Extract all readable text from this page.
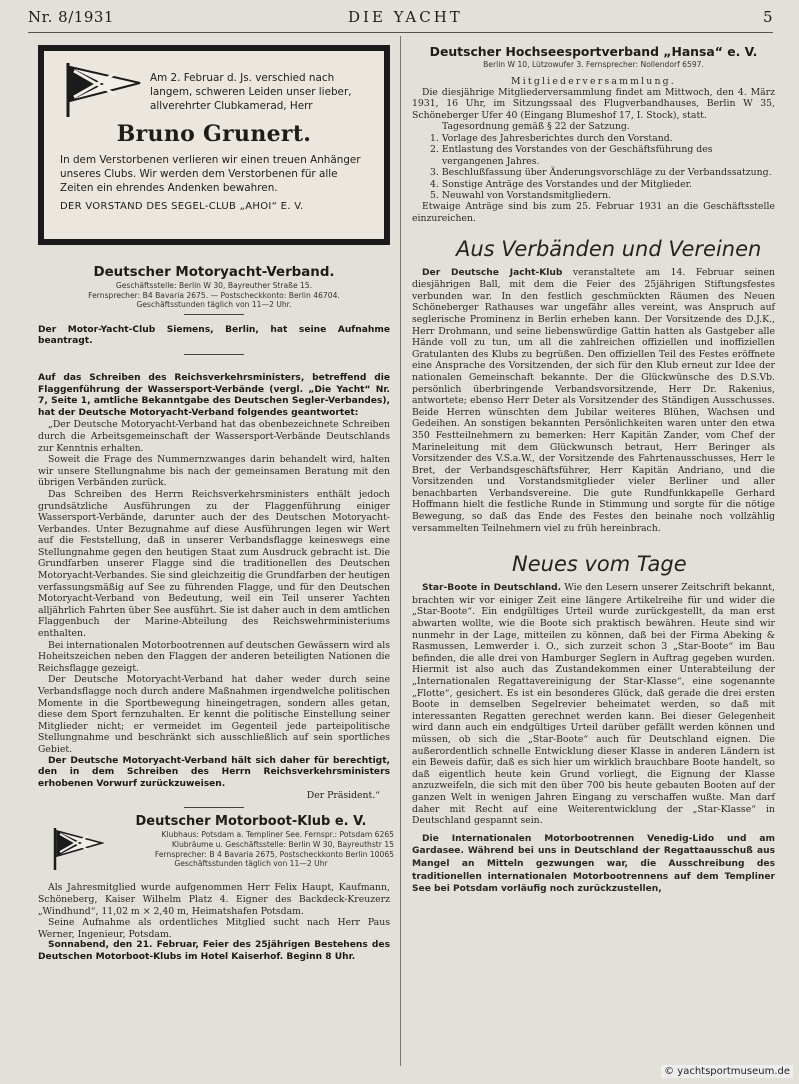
Nr. 8/1931	DIE YACHT	5
Am 2. Februar d. Js. verschied nach langem, schweren Leiden unser lieber, allverehrter Clubkamerad, Herr
Bruno Grunert.
In dem Verstorbenen verlieren wir einen treuen Anhänger unseres Clubs. Wir werden dem Verstorbenen für alle Zeiten ein ehrendes Andenken bewahren.
DER VORSTAND DES SEGEL-CLUB „AHOI“ E. V.
Deutscher Motoryacht-Verband.
Geschäftsstelle: Berlin W 30, Bayreuther Straße 15.
Fernsprecher: B4 Bavaria 2675. — Postscheckkonto: Berlin 46704.
Geschäftsstunden täglich von 11—2 Uhr.

Der Motor-Yacht-Club Siemens, Berlin, hat seine Aufnahme beantragt.

Auf das Schreiben des Reichsverkehrsministers, betreffend die Flaggenführung der Wassersport-Verbände (vergl. „Die Yacht“ Nr. 7, Seite 1, amtliche Bekanntgabe des Deutschen Segler-Verbandes), hat der Deutsche Motoryacht-Verband folgendes geantwortet:

„Der Deutsche Motoryacht-Verband hat das obenbezeichnete Schreiben durch die Arbeitsgemeinschaft der Wassersport-Verbände Deutschlands zur Kenntnis erhalten.

Soweit die Frage des Nummernzwanges darin behandelt wird, halten wir unsere Stellungnahme bis nach der gemeinsamen Beratung mit den übrigen Verbänden zurück.

Das Schreiben des Herrn Reichsverkehrsministers enthält jedoch grundsätzliche Ausführungen zu der Flaggenführung einiger Wassersport-Verbände, darunter auch der des Deutschen Motoryacht-Verbandes. Unter Bezugnahme auf diese Ausführungen legen wir Wert auf die Feststellung, daß in unserer Verbandsflagge keineswegs eine Stellungnahme gegen den heutigen Staat zum Ausdruck gebracht ist. Die Grundfarben unserer Flagge sind die traditionellen des Deutschen Motoryacht-Verbandes. Sie sind gleichzeitig die Grundfarben der heutigen verfassungsmäßig auf See zu führenden Flagge, und für den Deutschen Motoryacht-Verband von Bedeutung, weil ein Teil unserer Yachten alljährlich Fahrten über See ausführt. Sie ist daher auch in dem amtlichen Flaggenbuch der Marine-Abteilung des Reichswehrministeriums enthalten.

Bei internationalen Motorbootrennen auf deutschen Gewässern wird als Hoheitszeichen neben den Flaggen der anderen beteiligten Nationen die Reichsflagge gezeigt.

Der Deutsche Motoryacht-Verband hat daher weder durch seine Verbandsflagge noch durch andere Maßnahmen irgendwelche politischen Momente in die Sportbewegung hineingetragen, sondern alles getan, diese dem Sport fernzuhalten. Er kennt die politische Einstellung seiner Mitglieder nicht; er vermeidet im Gegenteil jede parteipolitische Stellungnahme und beschränkt sich ausschließlich auf sein sportliches Gebiet.

Der Deutsche Motoryacht-Verband hält sich daher für berechtigt, den in dem Schreiben des Herrn Reichsverkehrsministers erhobenen Vorwurf zurückzuweisen.

Der Präsident.“
Deutscher Motorboot-Klub e. V.
Klubhaus: Potsdam a. Templiner See. Fernspr.: Potsdam 6265
Klubräume u. Geschäftsstelle: Berlin W 30, Bayreuthstr 15
Fernsprecher: B 4 Bavaria 2675, Postscheckkonto Berlin 10065
Geschäftsstunden täglich von 11—2 Uhr

Als Jahresmitglied wurde aufgenommen Herr Felix Haupt, Kaufmann, Schöneberg, Kaiser Wilhelm Platz 4. Eigner des Backdeck-Kreuzerz „Windhund“, 11,02 m × 2,40 m, Heimatshafen Potsdam.

Seine Aufnahme als ordentliches Mitglied sucht nach Herr Paus Werner, Ingenieur, Potsdam.

Sonnabend, den 21. Februar, Feier des 25jährigen Bestehens des Deutschen Motorboot-Klubs im Hotel Kaiserhof. Beginn 8 Uhr.

Deutscher Hochseesportverband „Hansa“ e. V.
Berlin W 10, Lützowufer 3. Fernsprecher: Nollendorf 6597.
Mitgliederversammlung.

Die diesjährige Mitgliederversammlung findet am Mittwoch, den 4. März 1931, 16 Uhr, im Sitzungssaal des Flugverbandhauses, Berlin W 35, Schöneberger Ufer 40 (Eingang Blumeshof 17, I. Stock), statt.

Tagesordnung gemäß § 22 der Satzung.

1. Vorlage des Jahresberichtes durch den Vorstand.
2. Entlastung des Vorstandes von der Geschäftsführung des vergangenen Jahres.
3. Beschlußfassung über Änderungsvorschläge zu der Verbandssatzung.
4. Sonstige Anträge des Vorstandes und der Mitglieder.
5. Neuwahl von Vorstandsmitgliedern.

Etwaige Anträge sind bis zum 25. Februar 1931 an die Geschäftsstelle einzureichen.

Aus Verbänden und Vereinen

Der Deutsche Jacht-Klub veranstaltete am 14. Februar seinen diesjährigen Ball, mit dem die Feier des 25jährigen Stiftungsfestes verbunden war. In den festlich geschmückten Räumen des Neuen Schöneberger Rathauses war ungefähr alles vereint, was Anspruch auf seglerische Prominenz in Berlin erheben kann. Der Vorsitzende des D.J.K., Herr Drohmann, und seine liebenswürdige Gattin hatten als Gastgeber alle Hände voll zu tun, um all die zahlreichen offiziellen und inoffiziellen Gratulanten des Klubs zu begrüßen. Den offiziellen Teil des Festes eröffnete eine Ansprache des Vorsitzenden, der sich für den Klub erneut zur Idee der nationalen Gemeinschaft bekannte. Der die Glückwünsche des D.S.Vb. persönlich überbringende Verbandsvorsitzende, Herr Dr. Rakenius, antwortete; ebenso Herr Deter als Vorsitzender des Ständigen Ausschusses. Beide Herren wünschten dem Jubilar weiteres Blühen, Wachsen und Gedeihen. An sonstigen bekannten Persönlichkeiten waren unter den etwa 350 Festteilnehmern zu bemerken: Herr Kapitän Zander, vom Chef der Marineleitung mit dem Glückwunsch betraut, Herr Beringer als Vorsitzender des V.S.a.W., der Vorsitzende des Fahrtenausschusses, Herr le Bret, der Verbandsgeschäftsführer, Herr Kapitän Andriano, und die Vorsitzenden und Vorstandsmitglieder vieler Berliner und aller benachbarten Verbandsvereine. Die gute Rundfunkkapelle Gerhard Hoffmann hielt die festliche Runde in Stimmung und sorgte für die nötige Bewegung, so daß das Ende des Festes den beinahe noch vollzählig versammelten Teilnehmern viel zu früh hereinbrach.

Neues vom Tage

Star-Boote in Deutschland. Wie den Lesern unserer Zeitschrift bekannt, brachten wir vor einiger Zeit eine längere Artikelreihe für und wider die „Star-Boote“. Ein endgültiges Urteil wurde zurückgestellt, da man erst abwarten wollte, wie die Boote sich praktisch bewähren. Heute sind wir nunmehr in der Lage, mitteilen zu können, daß bei der Firma Abeking & Rasmussen, Lemwerder i. O., sich zurzeit schon 3 „Star-Boote“ im Bau befinden, die alle drei von Hamburger Seglern in Auftrag gegeben wurden. Hiermit ist also auch das Zustandekommen einer Unterabteilung der „Internationalen Regattavereinigung der Star-Klasse“, eine sogenannte „Flotte“, gesichert. Es ist ein besonderes Glück, daß gerade die drei ersten Boote in demselben Segelrevier beheimatet werden, so daß mit interessanten Regatten gerechnet werden kann. Bei dieser Gelegenheit wird dann auch ein endgültiges Urteil darüber gefällt werden können und müssen, ob sich die „Star-Boote“ auch für Deutschland eignen. Die außerordentlich schnelle Entwicklung dieser Klasse in anderen Ländern ist ein Beweis dafür, daß es sich hier um wirklich brauchbare Boote handelt, so daß eigentlich heute kein Grund vorliegt, die Eignung der Klasse anzuzweifeln, die sich mit den über 700 bis heute gebauten Booten auf der ganzen Welt in wenigen Jahren Eingang zu verschaffen wußte. Man darf daher mit Recht auf eine Weiterentwicklung der „Star-Klasse“ in Deutschland gespannt sein.

Die Internationalen Motorbootrennen Venedig-Lido und am Gardasee. Während bei uns in Deutschland der Regattaausschuß aus Mangel an Mitteln gezwungen war, die Ausschreibung des traditionellen internationalen Motorbootrennens auf dem Templiner See bei Potsdam vorläufig noch zurückzustellen,

© yachtsportmuseum.de
